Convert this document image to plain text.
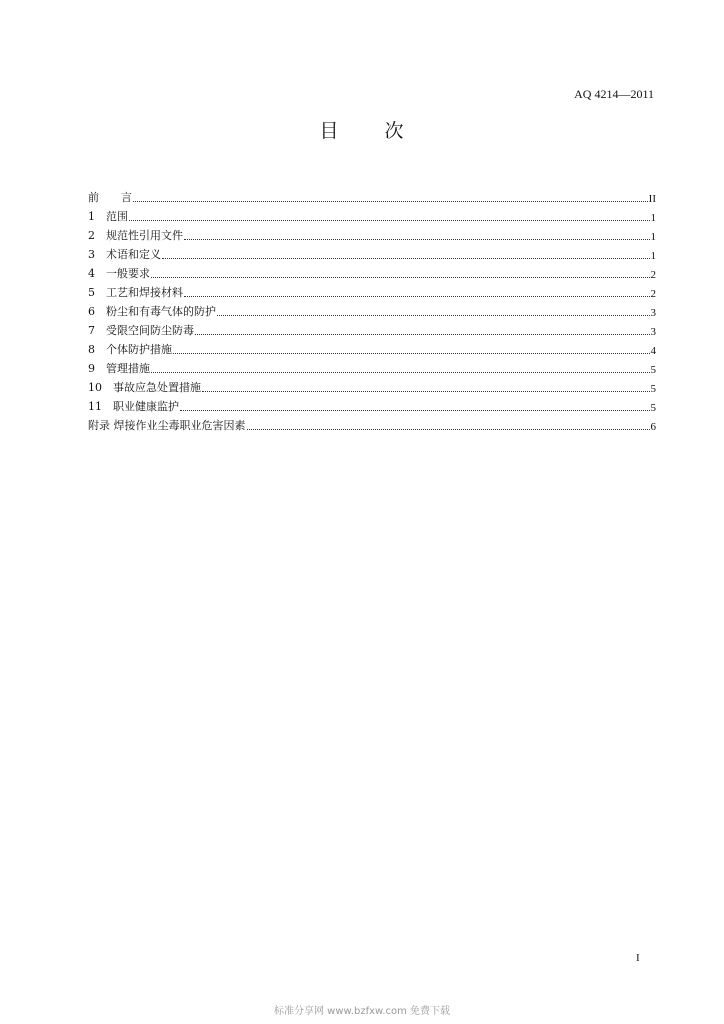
AQ 4214—2011
目 次
前　　言	II
1　范围	1
2　规范性引用文件	1
3　术语和定义	1
4　一般要求	2
5　工艺和焊接材料	2
6　粉尘和有毒气体的防护	3
7　受限空间防尘防毒	3
8　个体防护措施	4
9　管理措施	5
10　事故应急处置措施	5
11　职业健康监护	5
附录 焊接作业尘毒职业危害因素	6
I
标准分享网 www.bzfxw.com 免费下载
